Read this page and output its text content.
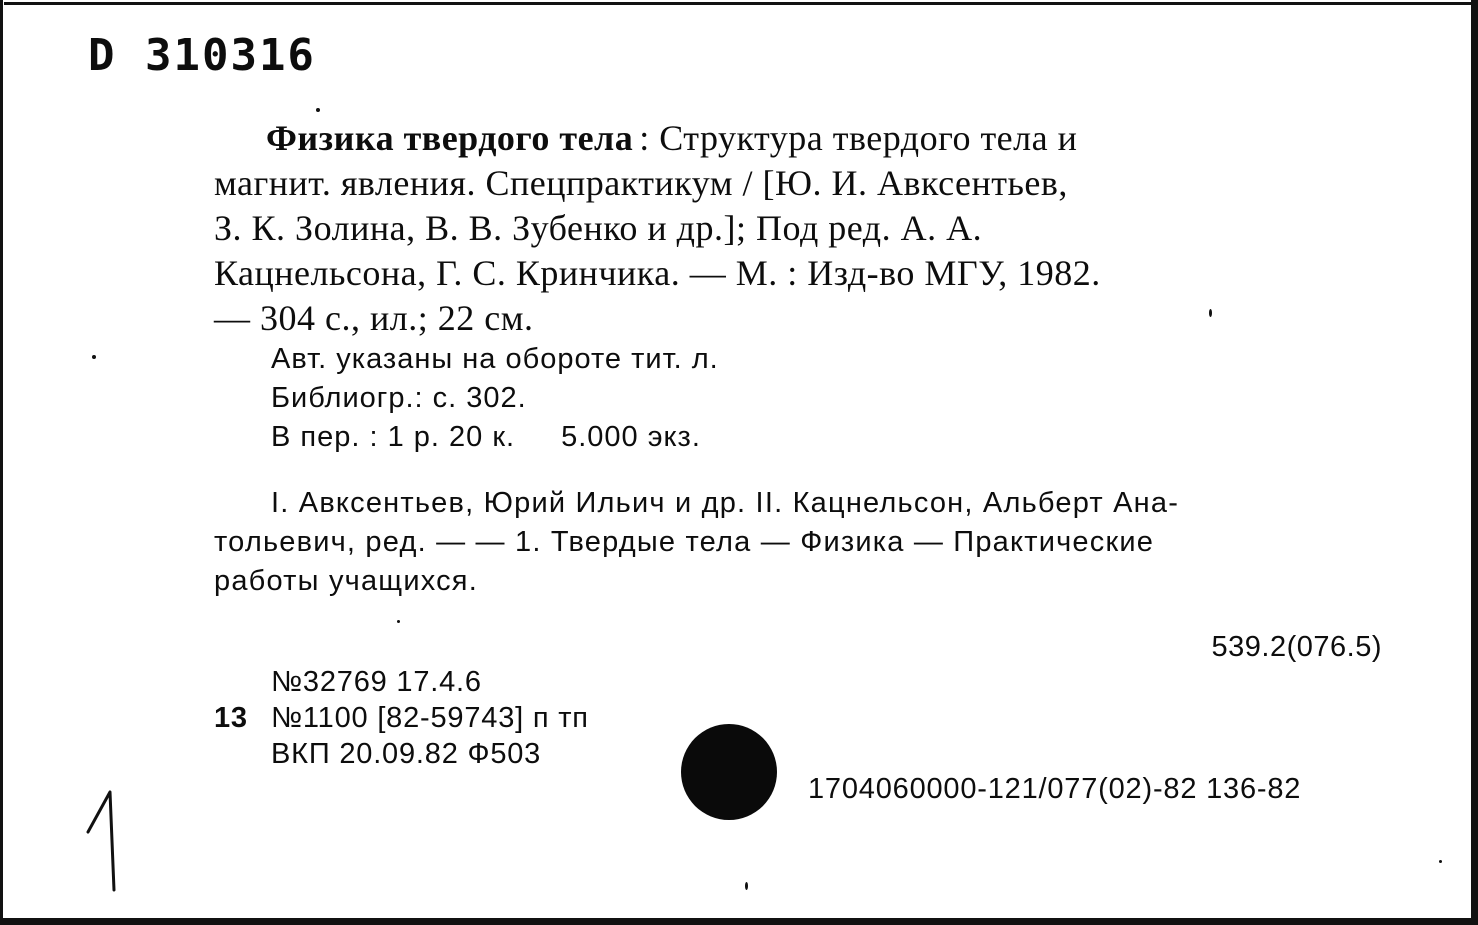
D 310316
Физика твердого тела : Структура твердого тела и
магнит. явления. Спецпрактикум / [Ю. И. Авксентьев,
З. К. Золина, В. В. Зубенко и др.]; Под ред. А. А.
Кацнельсона, Г. С. Кринчика. — М. : Изд-во МГУ, 1982.
— 304 с., ил.; 22 см.
Авт. указаны на обороте тит. л.
Библиогр.: с. 302.
В пер. : 1 р. 20 к. 5.000 экз.
I. Авксентьев, Юрий Ильич и др. II. Кацнельсон, Альберт Ана-
тольевич, ред. — — 1. Твердые тела — Физика — Практические
работы учащихся.
539.2(076.5)
№32769 17.4.6
13 №1100 [82-59743] п тп
ВКП 20.09.82 Ф503
1704060000-121/077(02)-82 136-82
